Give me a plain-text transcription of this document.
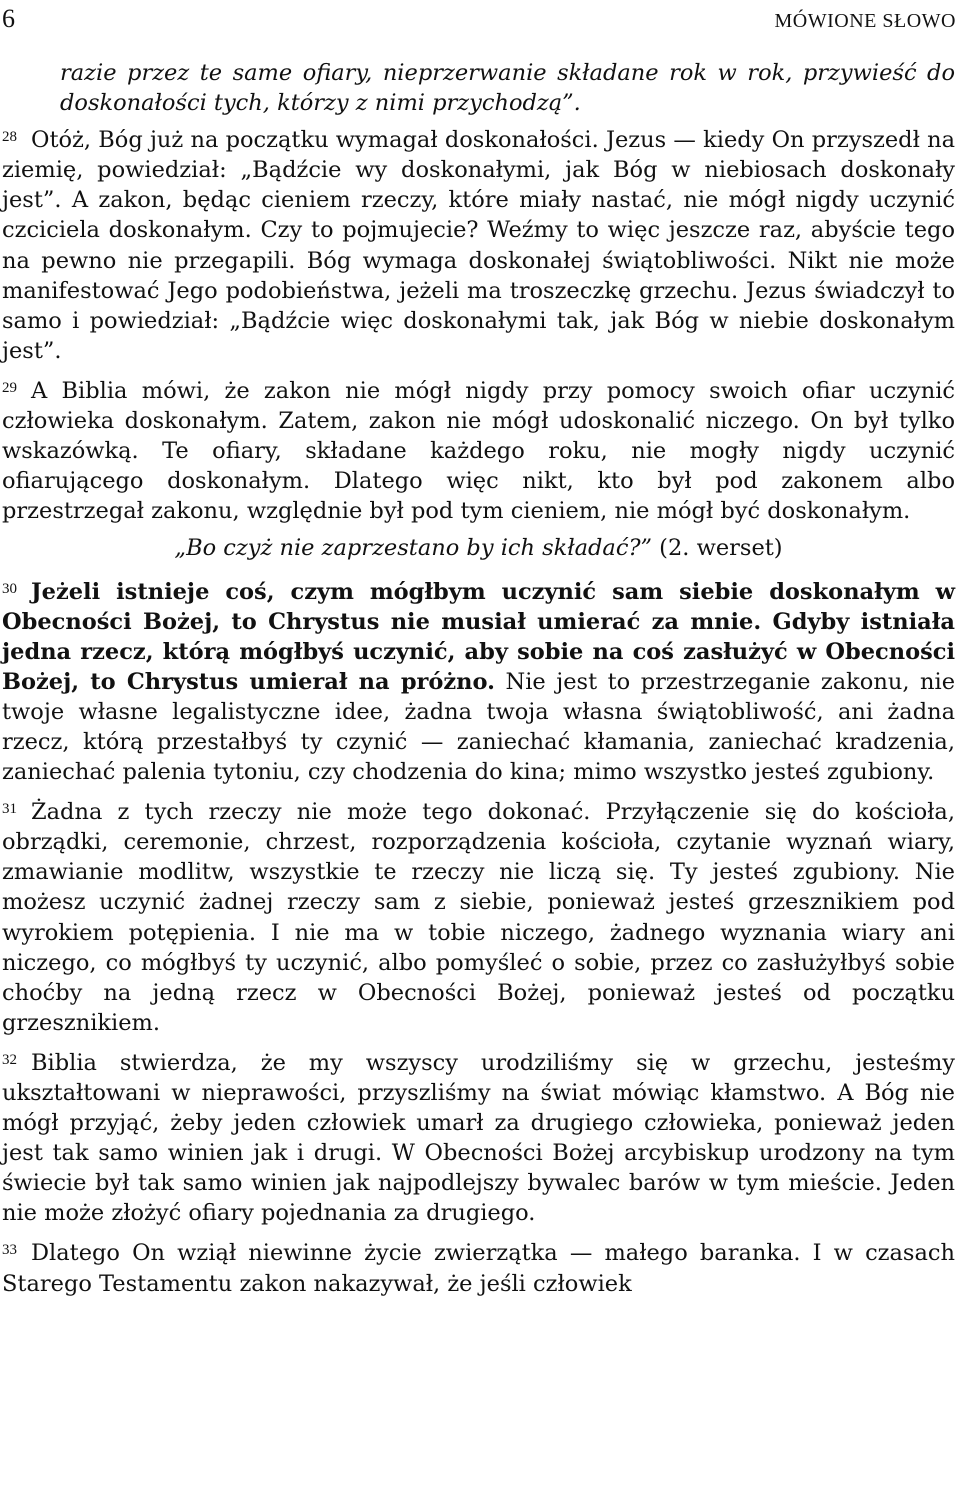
6	MÓWIONE SŁOWO

razie przez te same ofiary, nieprzerwanie składane rok w rok, przywieść do doskonałości tych, którzy z nimi przychodzą”.

$^{28}$ Otóż, Bóg już na początku wymagał doskonałości. Jezus — kiedy On przyszedł na ziemię, powiedział: „Bądźcie wy doskonałymi, jak Bóg w niebiosach doskonały jest”. A zakon, będąc cieniem rzeczy, które miały nastać, nie mógł nigdy uczynić czciciela doskonałym. Czy to pojmujecie? Weźmy to więc jeszcze raz, abyście tego na pewno nie przegapili. Bóg wymaga doskonałej świątobliwości. Nikt nie może manifestować Jego podobieństwa, jeżeli ma troszeczkę grzechu. Jezus świadczył to samo i powiedział: „Bądźcie więc doskonałymi tak, jak Bóg w niebie doskonałym jest”.

$^{29}$ A Biblia mówi, że zakon nie mógł nigdy przy pomocy swoich ofiar uczynić człowieka doskonałym. Zatem, zakon nie mógł udoskonalić niczego. On był tylko wskazówką. Te ofiary, składane każdego roku, nie mogły nigdy uczynić ofiarującego doskonałym. Dlatego więc nikt, kto był pod zakonem albo przestrzegał zakonu, względnie był pod tym cieniem, nie mógł być doskonałym.

„Bo czyż nie zaprzestano by ich składać?” (2. werset)

$^{30}$ Jeżeli istnieje coś, czym mógłbym uczynić sam siebie doskonałym w Obecności Bożej, to Chrystus nie musiał umierać za mnie. Gdyby istniała jedna rzecz, którą mógłbyś uczynić, aby sobie na coś zasłużyć w Obecności Bożej, to Chrystus umierał na próżno. Nie jest to przestrzeganie zakonu, nie twoje własne legalistyczne idee, żadna twoja własna świątobliwość, ani żadna rzecz, którą przestałbyś ty czynić — zaniechać kłamania, zaniechać kradzenia, zaniechać palenia tytoniu, czy chodzenia do kina; mimo wszystko jesteś zgubiony.

$^{31}$ Żadna z tych rzeczy nie może tego dokonać. Przyłączenie się do kościoła, obrządki, ceremonie, chrzest, rozporządzenia kościoła, czytanie wyznań wiary, zmawianie modlitw, wszystkie te rzeczy nie liczą się. Ty jesteś zgubiony. Nie możesz uczynić żadnej rzeczy sam z siebie, ponieważ jesteś grzesznikiem pod wyrokiem potępienia. I nie ma w tobie niczego, żadnego wyznania wiary ani niczego, co mógłbyś ty uczynić, albo pomyśleć o sobie, przez co zasłużyłbyś sobie choćby na jedną rzecz w Obecności Bożej, ponieważ jesteś od początku grzesznikiem.

$^{32}$ Biblia stwierdza, że my wszyscy urodziliśmy się w grzechu, jesteśmy ukształtowani w nieprawości, przyszliśmy na świat mówiąc kłamstwo. A Bóg nie mógł przyjąć, żeby jeden człowiek umarł za drugiego człowieka, ponieważ jeden jest tak samo winien jak i drugi. W Obecności Bożej arcybiskup urodzony na tym świecie był tak samo winien jak najpodlejszy bywalec barów w tym mieście. Jeden nie może złożyć ofiary pojednania za drugiego.

$^{33}$ Dlatego On wziął niewinne życie zwierzątka — małego baranka. I w czasach Starego Testamentu zakon nakazywał, że jeśli człowiek
